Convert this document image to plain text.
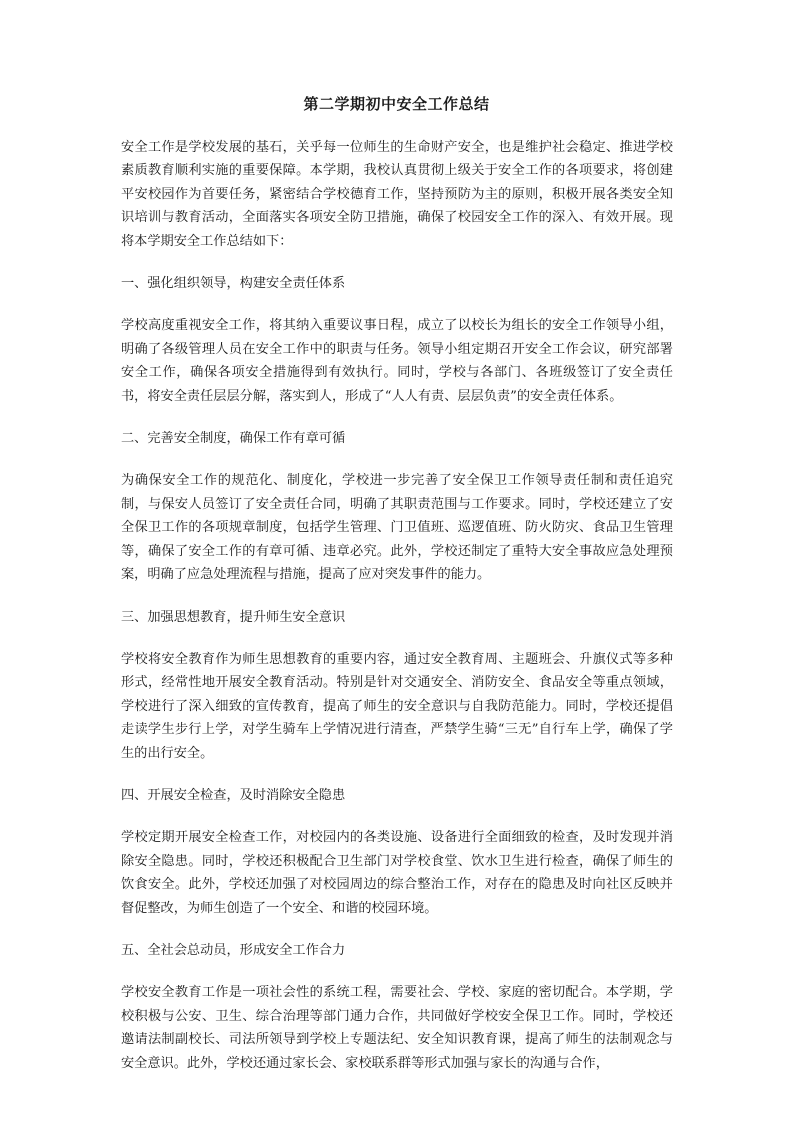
第二学期初中安全工作总结

安全工作是学校发展的基石，关乎每一位师生的生命财产安全，也是维护社会稳定、推进学校素质教育顺利实施的重要保障。本学期，我校认真贯彻上级关于安全工作的各项要求，将创建平安校园作为首要任务，紧密结合学校德育工作，坚持预防为主的原则，积极开展各类安全知识培训与教育活动，全面落实各项安全防卫措施，确保了校园安全工作的深入、有效开展。现将本学期安全工作总结如下：

一、强化组织领导，构建安全责任体系

学校高度重视安全工作，将其纳入重要议事日程，成立了以校长为组长的安全工作领导小组，明确了各级管理人员在安全工作中的职责与任务。领导小组定期召开安全工作会议，研究部署安全工作，确保各项安全措施得到有效执行。同时，学校与各部门、各班级签订了安全责任书，将安全责任层层分解，落实到人，形成了“人人有责、层层负责”的安全责任体系。

二、完善安全制度，确保工作有章可循

为确保安全工作的规范化、制度化，学校进一步完善了安全保卫工作领导责任制和责任追究制，与保安人员签订了安全责任合同，明确了其职责范围与工作要求。同时，学校还建立了安全保卫工作的各项规章制度，包括学生管理、门卫值班、巡逻值班、防火防灾、食品卫生管理等，确保了安全工作的有章可循、违章必究。此外，学校还制定了重特大安全事故应急处理预案，明确了应急处理流程与措施，提高了应对突发事件的能力。

三、加强思想教育，提升师生安全意识

学校将安全教育作为师生思想教育的重要内容，通过安全教育周、主题班会、升旗仪式等多种形式，经常性地开展安全教育活动。特别是针对交通安全、消防安全、食品安全等重点领域，学校进行了深入细致的宣传教育，提高了师生的安全意识与自我防范能力。同时，学校还提倡走读学生步行上学，对学生骑车上学情况进行清查，严禁学生骑“三无”自行车上学，确保了学生的出行安全。

四、开展安全检查，及时消除安全隐患

学校定期开展安全检查工作，对校园内的各类设施、设备进行全面细致的检查，及时发现并消除安全隐患。同时，学校还积极配合卫生部门对学校食堂、饮水卫生进行检查，确保了师生的饮食安全。此外，学校还加强了对校园周边的综合整治工作，对存在的隐患及时向社区反映并督促整改，为师生创造了一个安全、和谐的校园环境。

五、全社会总动员，形成安全工作合力

学校安全教育工作是一项社会性的系统工程，需要社会、学校、家庭的密切配合。本学期，学校积极与公安、卫生、综合治理等部门通力合作，共同做好学校安全保卫工作。同时，学校还邀请法制副校长、司法所领导到学校上专题法纪、安全知识教育课，提高了师生的法制观念与安全意识。此外，学校还通过家长会、家校联系群等形式加强与家长的沟通与合作，
